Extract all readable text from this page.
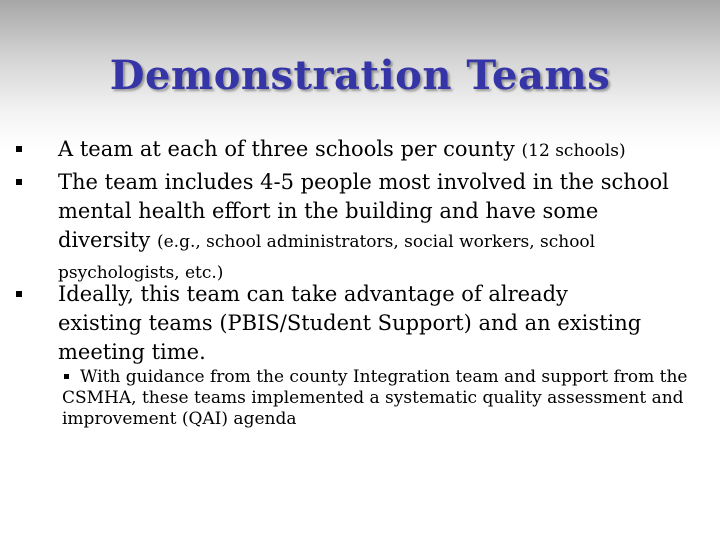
Demonstration Teams
A team at each of three schools per county (12 schools)
The team includes 4-5 people most involved in the school mental health effort in the building and have some diversity (e.g., school administrators, social workers, school psychologists, etc.)
Ideally, this team can take advantage of already existing teams (PBIS/Student Support) and an existing meeting time.
With guidance from the county Integration team and support from the CSMHA, these teams implemented a systematic quality assessment and improvement (QAI) agenda
